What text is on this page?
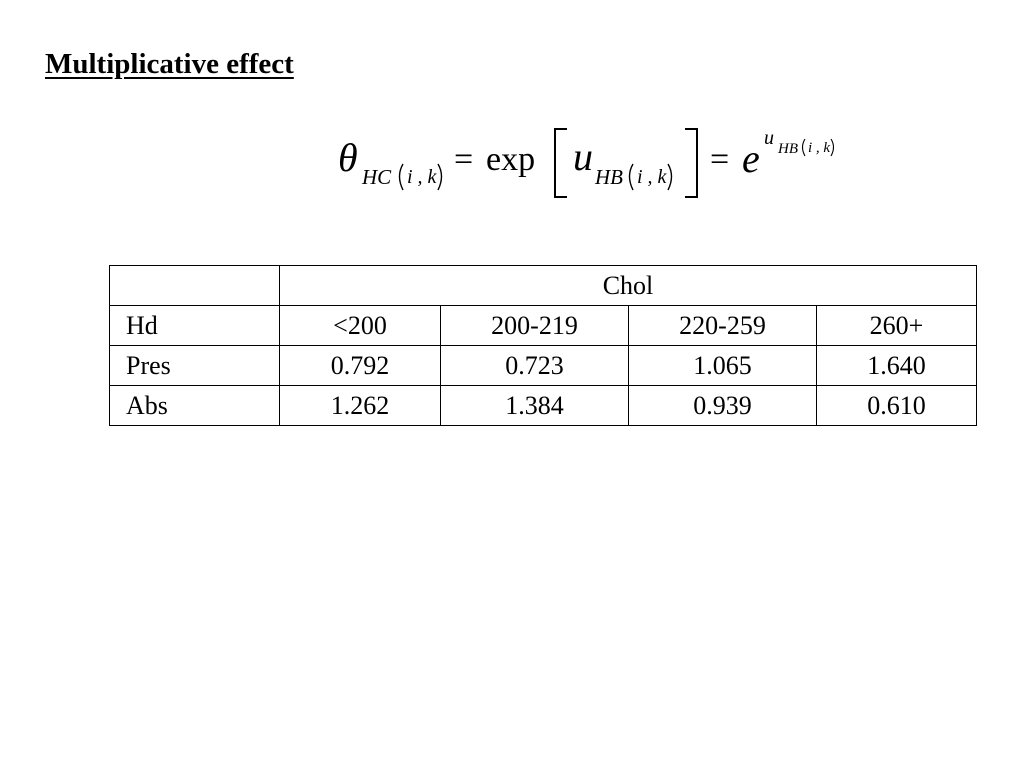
Multiplicative effect
θ HC i , k = exp u HB i , k = e u HB i , k
	Chol			
Hd	<200	200-219	220-259	260+
Pres	0.792	0.723	1.065	1.640
Abs	1.262	1.384	0.939	0.610
